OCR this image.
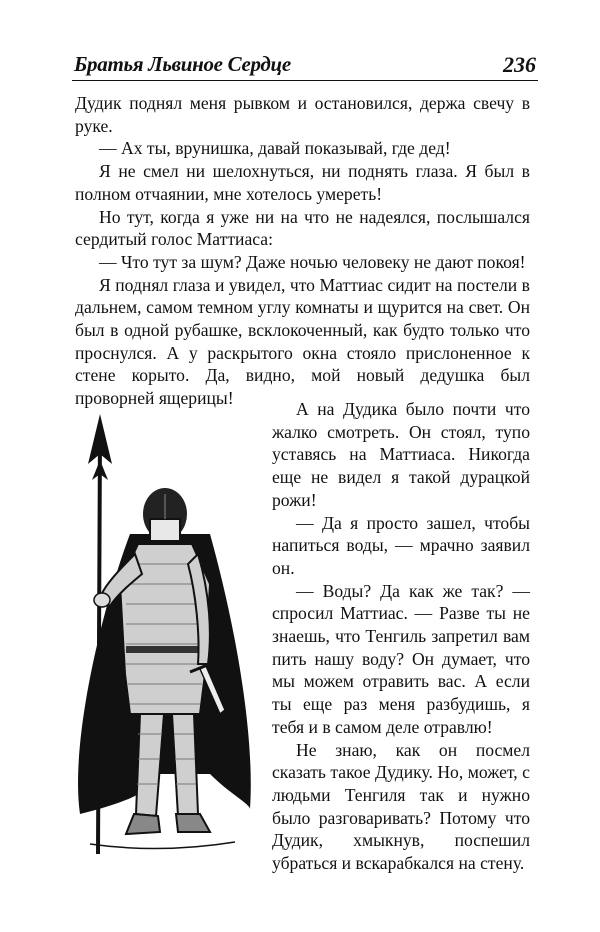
Братья Львиное Сердце	236

Дудик поднял меня рывком и остановился, держа свечу в руке.

— Ах ты, врунишка, давай показывай, где дед!

Я не смел ни шелохнуться, ни поднять глаза. Я был в полном отчаянии, мне хотелось умереть!

Но тут, когда я уже ни на что не надеялся, послышался сердитый голос Маттиаса:

— Что тут за шум? Даже ночью человеку не дают покоя!

Я поднял глаза и увидел, что Маттиас сидит на постели в дальнем, самом темном углу комнаты и щурится на свет. Он был в одной рубашке, всклокоченный, как будто только что проснулся. А у раскрытого окна стояло прислоненное к стене корыто. Да, видно, мой новый дедушка был проворней ящерицы!

А на Дудика было почти что жалко смотреть. Он стоял, тупо уставясь на Маттиаса. Никогда еще не видел я такой дурацкой рожи!

— Да я просто зашел, чтобы напиться воды, — мрачно заявил он.

— Воды? Да как же так? — спросил Маттиас. — Разве ты не знаешь, что Тенгиль запретил вам пить нашу воду? Он думает, что мы можем отравить вас. А если ты еще раз меня разбудишь, я тебя и в самом деле отравлю!

Не знаю, как он посмел сказать такое Дудику. Но, может, с людьми Тенгиля так и нужно было разговаривать? Потому что Дудик, хмыкнув, поспешил убраться и вскарабкался на стену.
